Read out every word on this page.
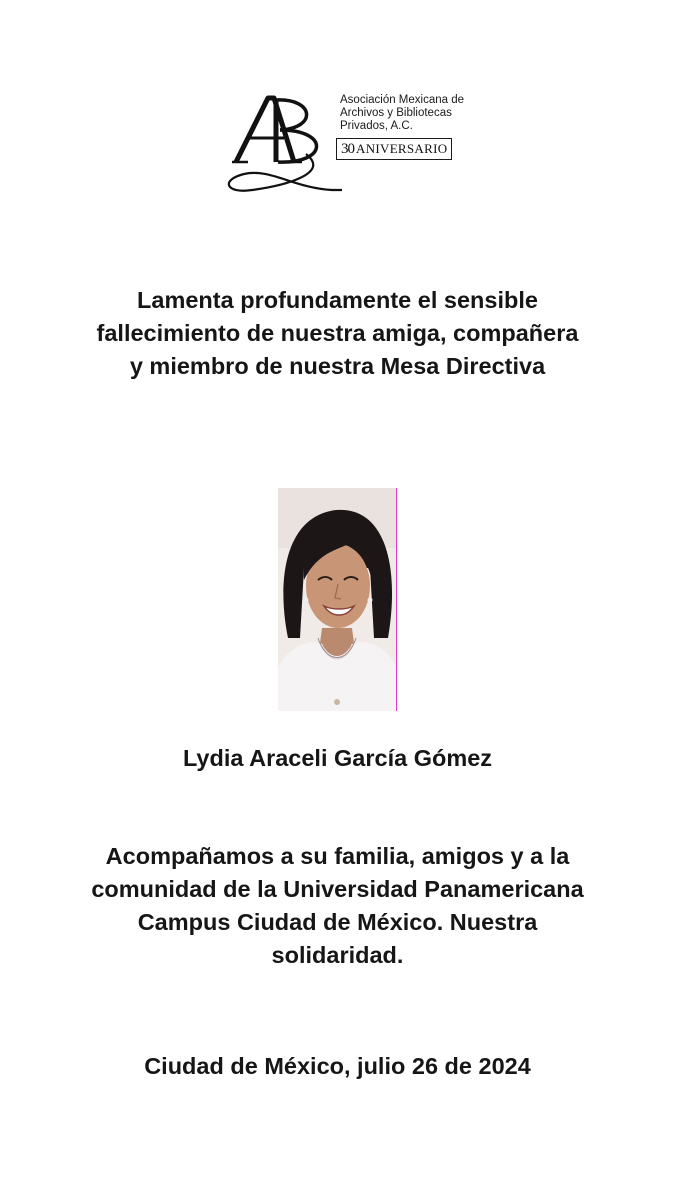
Asociación Mexicana de
Archivos y Bibliotecas
Privados, A.C.
30 ANIVERSARIO
Lamenta profundamente el sensible
fallecimiento de nuestra amiga, compañera
y miembro de nuestra Mesa Directiva
Lydia Araceli García Gómez
Acompañamos a su familia, amigos y a la
comunidad de la Universidad Panamericana
Campus Ciudad de México. Nuestra
solidaridad.
Ciudad de México, julio 26 de 2024
